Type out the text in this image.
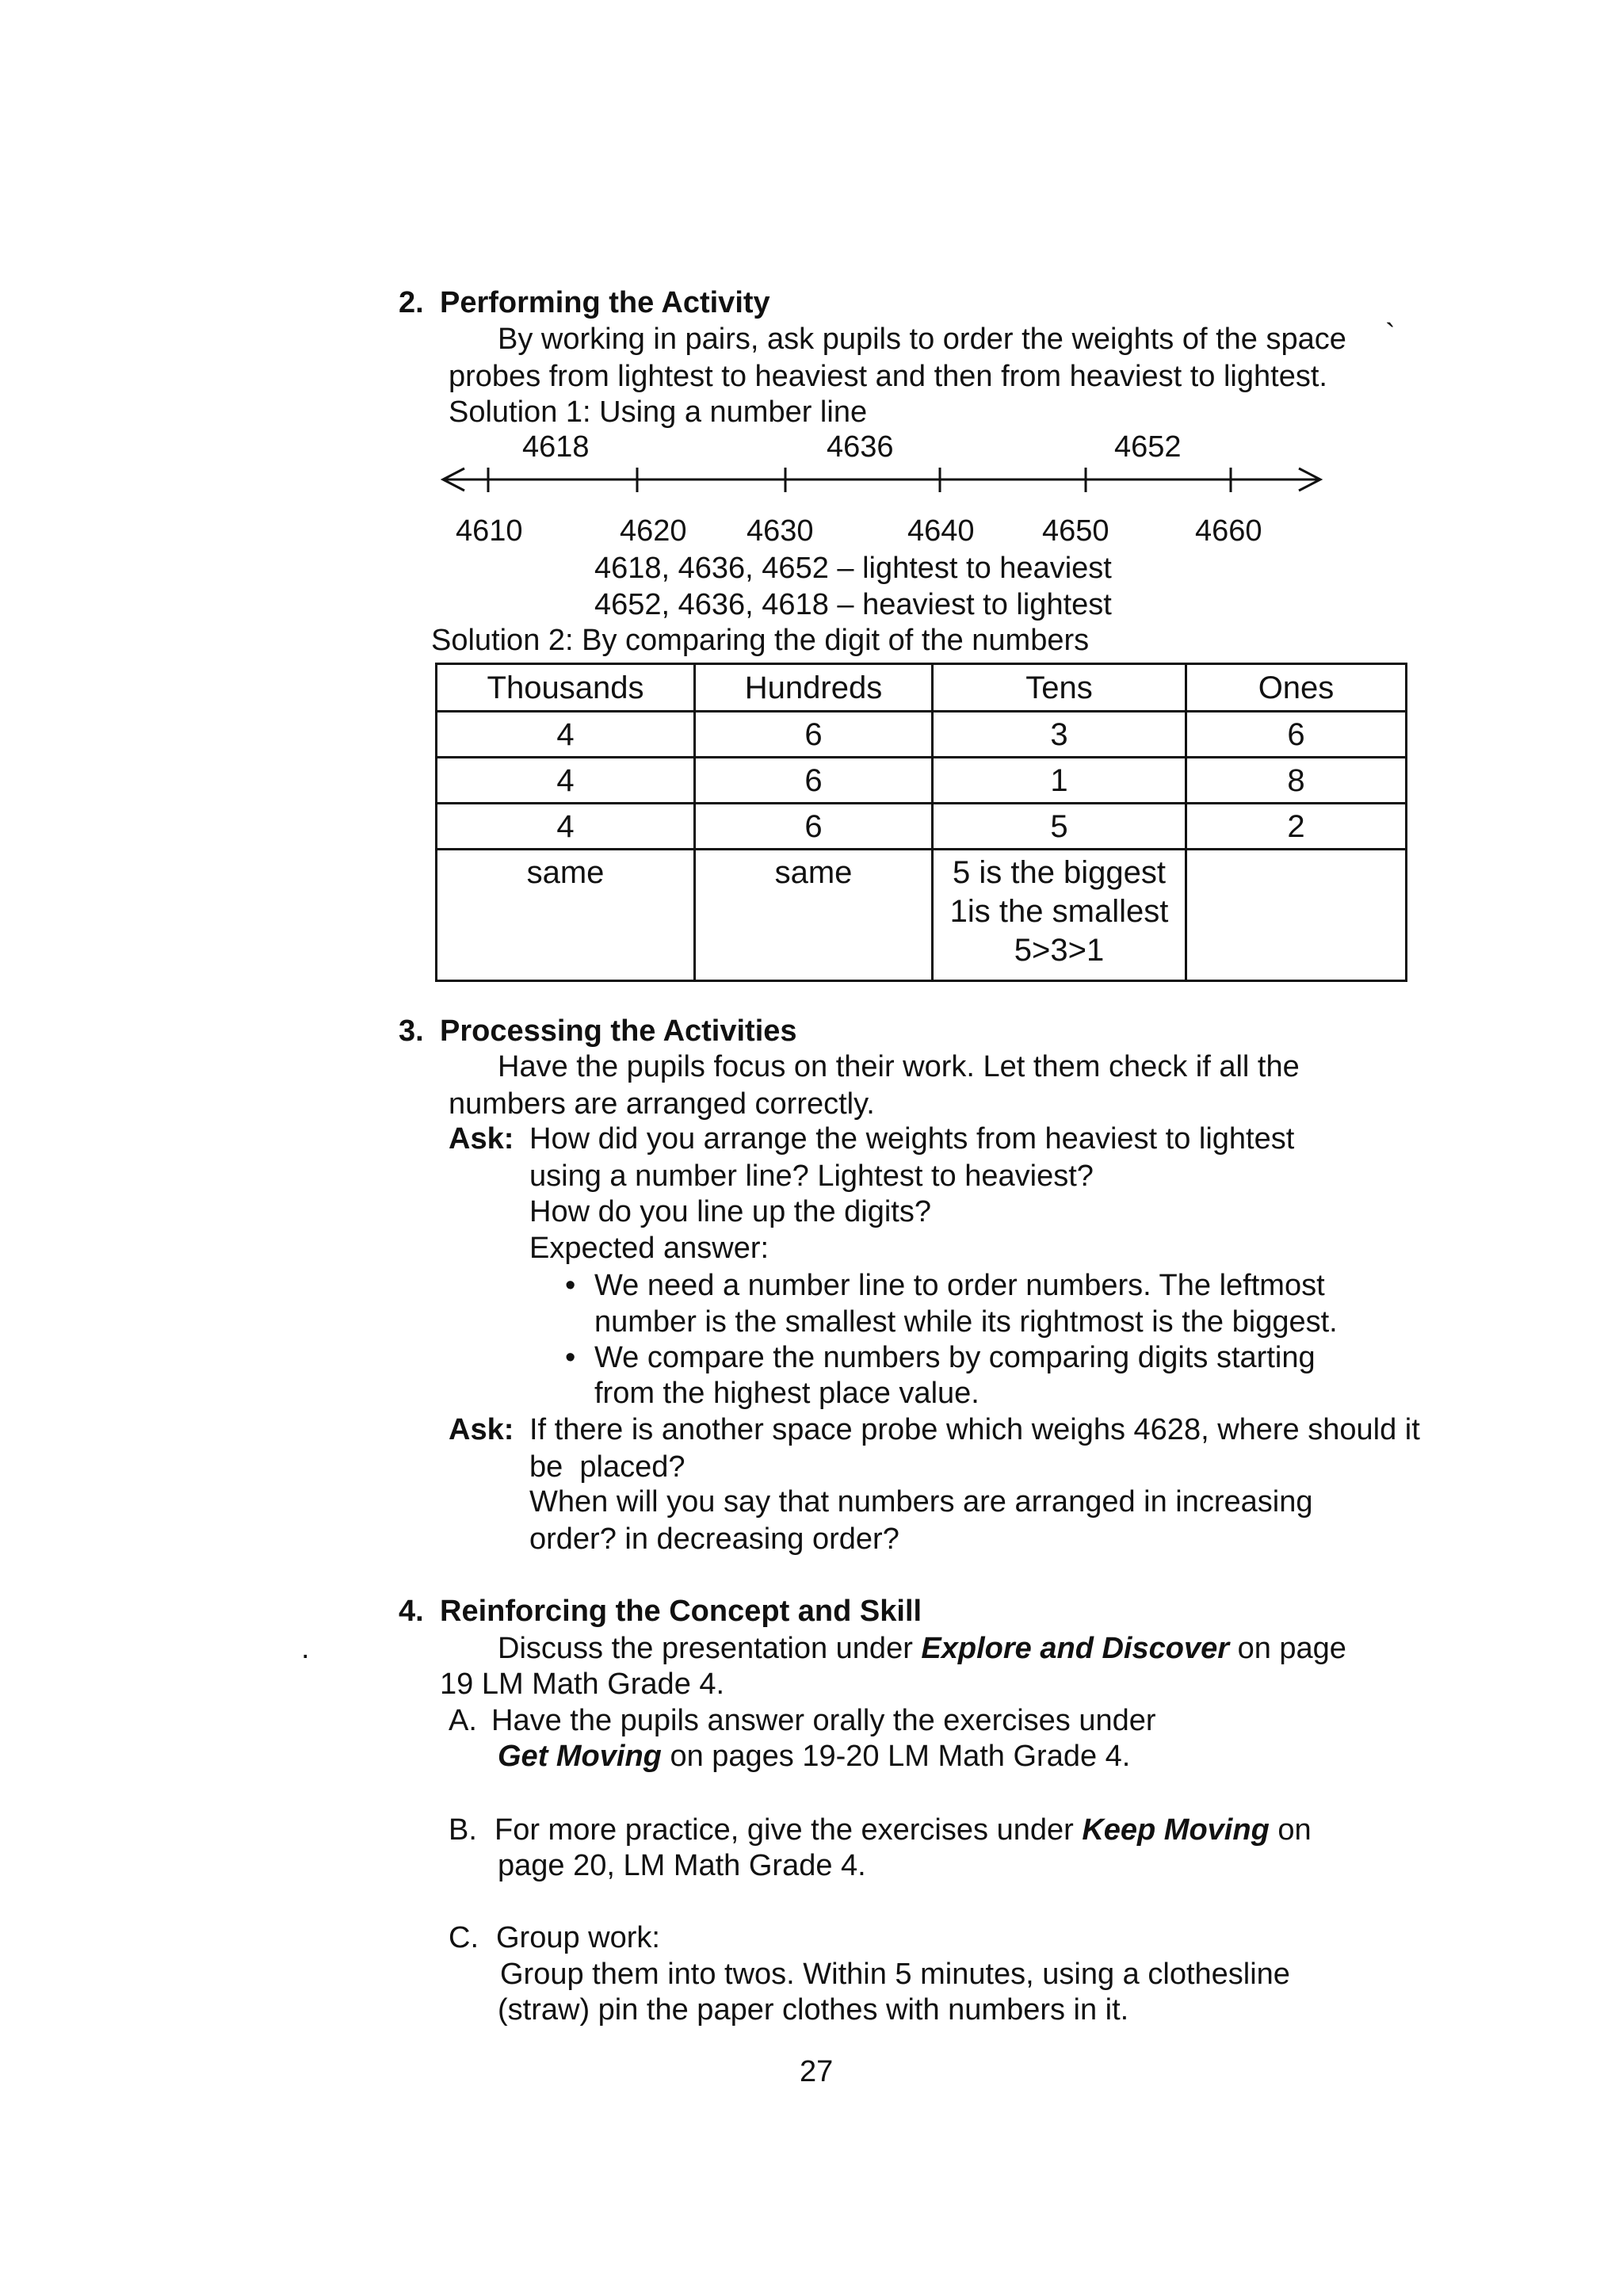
2. Performing the Activity
By working in pairs, ask pupils to order the weights of the space `
probes from lightest to heaviest and then from heaviest to lightest.
Solution 1: Using a number line
4618	4636	4652
4610	4620 4630	4640 4650	4660
4618, 4636, 4652 – lightest to heaviest
4652, 4636, 4618 – heaviest to lightest
Solution 2: By comparing the digit of the numbers
Thousands	Hundreds	Tens	Ones
4	6	3	6
4	6	1	8
4	6	5	2
same	same	5 is the biggest
1is the smallest
5>3>1	

3. Processing the Activities
Have the pupils focus on their work. Let them check if all the
numbers are arranged correctly.
Ask: How did you arrange the weights from heaviest to lightest
using a number line? Lightest to heaviest?
How do you line up the digits?
Expected answer:
• We need a number line to order numbers. The leftmost
number is the smallest while its rightmost is the biggest.
• We compare the numbers by comparing digits starting
from the highest place value.
Ask: If there is another space probe which weighs 4628, where should it
be  placed?
When will you say that numbers are arranged in increasing
order? in decreasing order?
4. Reinforcing the Concept and Skill
.	Discuss the presentation under Explore and Discover on page
19 LM Math Grade 4.
A. Have the pupils answer orally the exercises under
Get Moving on pages 19-20 LM Math Grade 4.
B. For more practice, give the exercises under Keep Moving on
page 20, LM Math Grade 4.
C. Group work:
Group them into twos. Within 5 minutes, using a clothesline
(straw) pin the paper clothes with numbers in it.
27
